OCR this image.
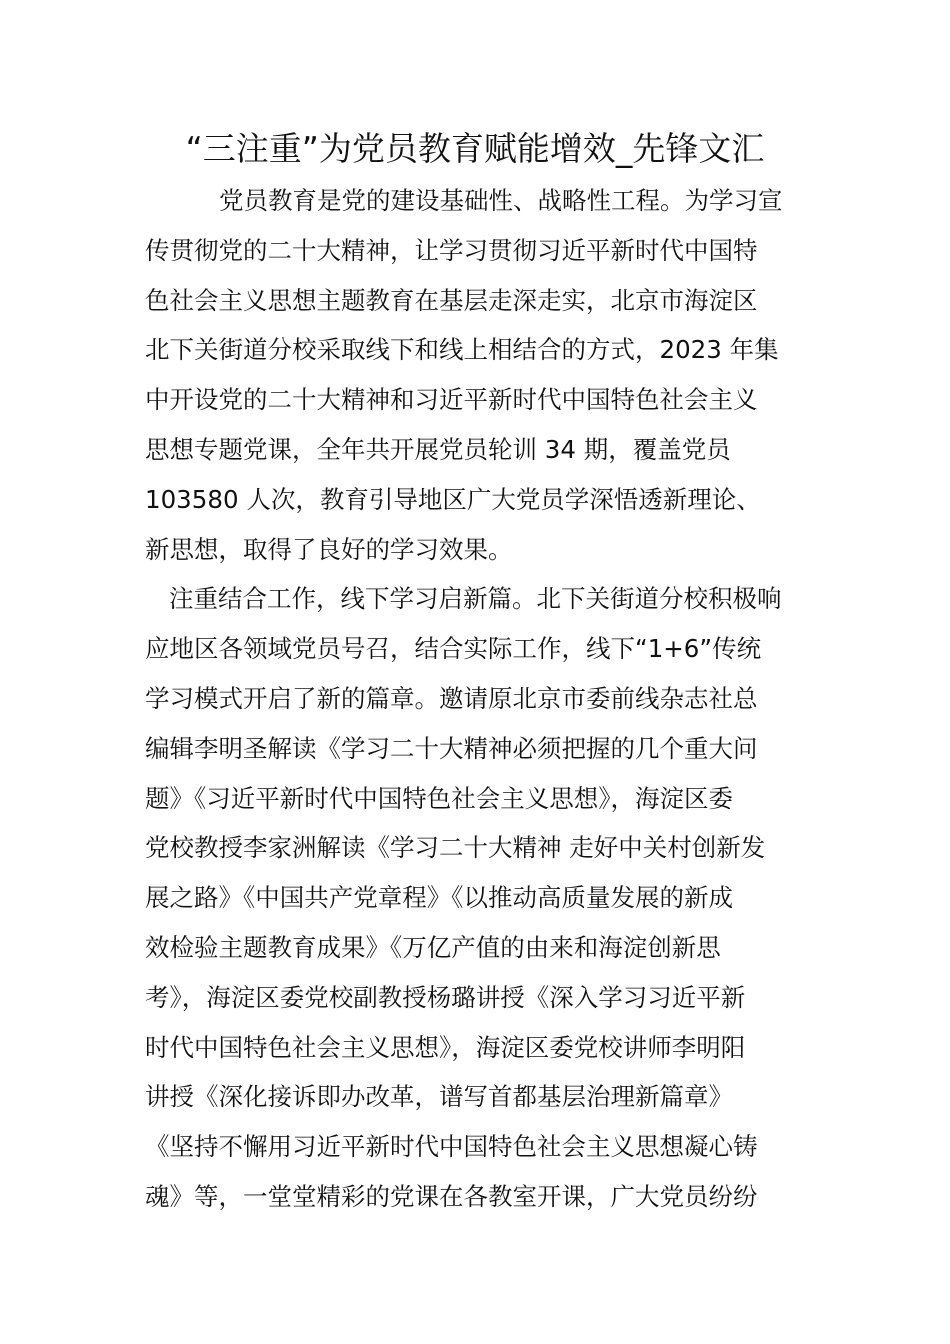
“三注重”为党员教育赋能增效_先锋文汇

党员教育是党的建设基础性、战略性工程。为学习宣

传贯彻党的二十大精神，让学习贯彻习近平新时代中国特

色社会主义思想主题教育在基层走深走实，北京市海淀区

北下关街道分校采取线下和线上相结合的方式，2023 年集

中开设党的二十大精神和习近平新时代中国特色社会主义

思想专题党课，全年共开展党员轮训 34 期，覆盖党员

103580 人次，教育引导地区广大党员学深悟透新理论、

新思想，取得了良好的学习效果。

注重结合工作，线下学习启新篇。北下关街道分校积极响

应地区各领域党员号召，结合实际工作，线下“1+6”传统

学习模式开启了新的篇章。邀请原北京市委前线杂志社总

编辑李明圣解读《学习二十大精神必须把握的几个重大问

题》《习近平新时代中国特色社会主义思想》，海淀区委

党校教授李家洲解读《学习二十大精神 走好中关村创新发

展之路》《中国共产党章程》《以推动高质量发展的新成

效检验主题教育成果》《万亿产值的由来和海淀创新思

考》，海淀区委党校副教授杨璐讲授《深入学习习近平新

时代中国特色社会主义思想》，海淀区委党校讲师李明阳

讲授《深化接诉即办改革，谱写首都基层治理新篇章》

《坚持不懈用习近平新时代中国特色社会主义思想凝心铸

魂》等，一堂堂精彩的党课在各教室开课，广大党员纷纷
